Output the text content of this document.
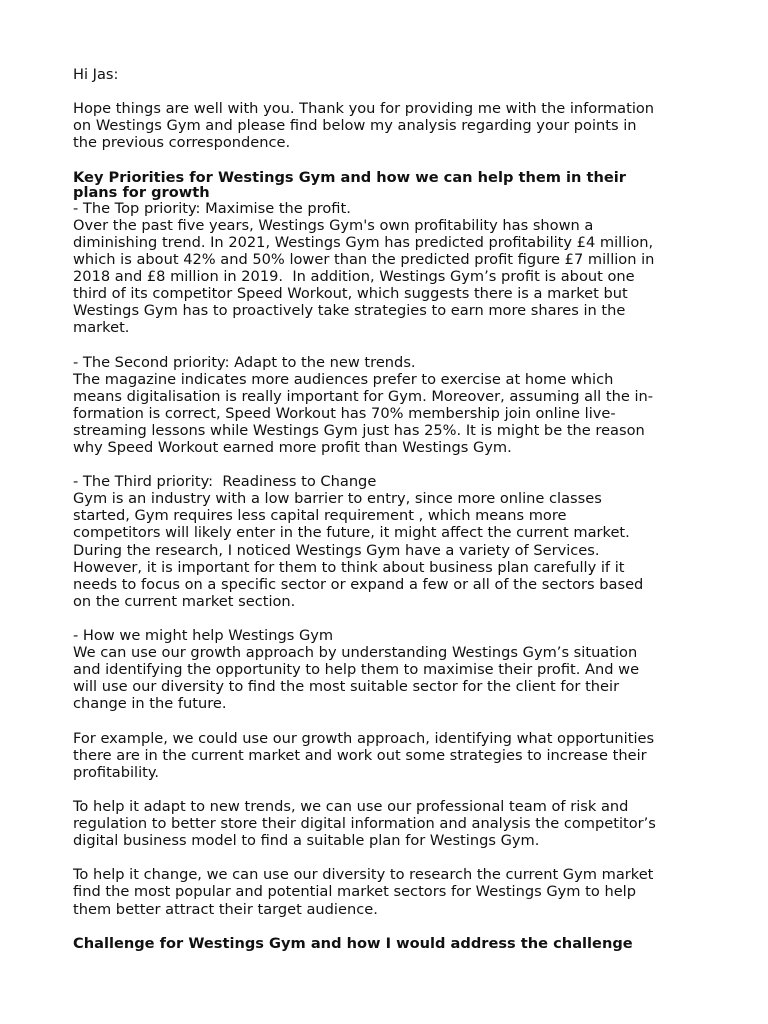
Hi Jas:
Hope things are well with you. Thank you for providing me with the information
on Westings Gym and please find below my analysis regarding your points in
the previous correspondence.
Key Priorities for Westings Gym and how we can help them in their
plans for growth
- The Top priority: Maximise the profit.
Over the past five years, Westings Gym's own profitability has shown a
diminishing trend. In 2021, Westings Gym has predicted profitability £4 million,
which is about 42% and 50% lower than the predicted profit figure £7 million in
2018 and £8 million in 2019.  In addition, Westings Gym’s profit is about one
third of its competitor Speed Workout, which suggests there is a market but
Westings Gym has to proactively take strategies to earn more shares in the
market.
- The Second priority: Adapt to the new trends.
The magazine indicates more audiences prefer to exercise at home which
means digitalisation is really important for Gym. Moreover, assuming all the in-
formation is correct, Speed Workout has 70% membership join online live-
streaming lessons while Westings Gym just has 25%. It is might be the reason
why Speed Workout earned more profit than Westings Gym.
- The Third priority:  Readiness to Change
Gym is an industry with a low barrier to entry, since more online classes
started, Gym requires less capital requirement , which means more
competitors will likely enter in the future, it might affect the current market.
During the research, I noticed Westings Gym have a variety of Services.
However, it is important for them to think about business plan carefully if it
needs to focus on a specific sector or expand a few or all of the sectors based
on the current market section.
- How we might help Westings Gym
We can use our growth approach by understanding Westings Gym’s situation
and identifying the opportunity to help them to maximise their profit. And we
will use our diversity to find the most suitable sector for the client for their
change in the future.
For example, we could use our growth approach, identifying what opportunities
there are in the current market and work out some strategies to increase their
profitability.
To help it adapt to new trends, we can use our professional team of risk and
regulation to better store their digital information and analysis the competitor’s
digital business model to find a suitable plan for Westings Gym.
To help it change, we can use our diversity to research the current Gym market
find the most popular and potential market sectors for Westings Gym to help
them better attract their target audience.
Challenge for Westings Gym and how I would address the challenge
